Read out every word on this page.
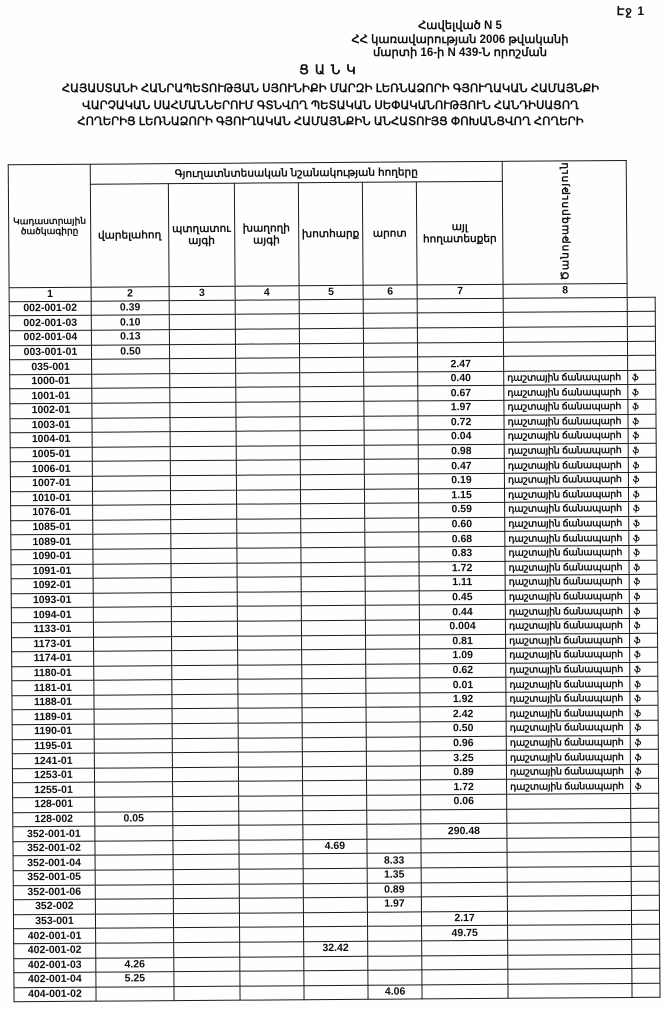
Էջ 1
Հավելված N 5
ՀՀ կառավարության 2006 թվականի
մարտի 16-ի N 439-Ն որոշման
ՑԱՆԿ
ՀԱՅԱՍՏԱՆԻ ՀԱՆՐԱՊԵՏՈՒԹՅԱՆ ՍՅՈՒՆԻՔԻ ՄԱՐԶԻ ԼԵՌՆԱՁՈՐԻ ԳՅՈՒՂԱԿԱՆ ՀԱՄԱՅՆՔԻ
ՎԱՐՉԱԿԱՆ ՍԱՀՄԱՆՆԵՐՈՒՄ ԳՏՆՎՈՂ ՊԵՏԱԿԱՆ ՍԵՓԱԿԱՆՈՒԹՅՈՒՆ ՀԱՆԴԻՍԱՑՈՂ
ՀՈՂԵՐԻՑ ԼԵՌՆԱՁՈՐԻ ԳՅՈՒՂԱԿԱՆ ՀԱՄԱՅՆՔԻՆ ԱՆՀԱՏՈՒՅՑ ՓՈԽԱՆՑՎՈՂ ՀՈՂԵՐԻ
Կադաստրային ծածկագիրը	Գյուղատնտեսական նշանակության հողերը						Ծանոթագրություն	
	վարելահող	պտղատու այգի	խաղողի այգի	խոտհարք	արոտ	այլ հողատեսքեր		
1	2	3	4	5	6	7	8	
002-001-02	0.39							
002-001-03	0.10							
002-001-04	0.13							
003-001-01	0.50							
035-001						2.47		
1000-01						0.40	դաշտային ճանապարհ	ֆ
1001-01						0.67	դաշտային ճանապարհ	ֆ
1002-01						1.97	դաշտային ճանապարհ	ֆ
1003-01						0.72	դաշտային ճանապարհ	ֆ
1004-01						0.04	դաշտային ճանապարհ	ֆ
1005-01						0.98	դաշտային ճանապարհ	ֆ
1006-01						0.47	դաշտային ճանապարհ	ֆ
1007-01						0.19	դաշտային ճանապարհ	ֆ
1010-01						1.15	դաշտային ճանապարհ	ֆ
1076-01						0.59	դաշտային ճանապարհ	ֆ
1085-01						0.60	դաշտային ճանապարհ	ֆ
1089-01						0.68	դաշտային ճանապարհ	ֆ
1090-01						0.83	դաշտային ճանապարհ	ֆ
1091-01						1.72	դաշտային ճանապարհ	ֆ
1092-01						1.11	դաշտային ճանապարհ	ֆ
1093-01						0.45	դաշտային ճանապարհ	ֆ
1094-01						0.44	դաշտային ճանապարհ	ֆ
1133-01						0.004	դաշտային ճանապարհ	ֆ
1173-01						0.81	դաշտային ճանապարհ	ֆ
1174-01						1.09	դաշտային ճանապարհ	ֆ
1180-01						0.62	դաշտային ճանապարհ	ֆ
1181-01						0.01	դաշտային ճանապարհ	ֆ
1188-01						1.92	դաշտային ճանապարհ	ֆ
1189-01						2.42	դաշտային ճանապարհ	ֆ
1190-01						0.50	դաշտային ճանապարհ	ֆ
1195-01						0.96	դաշտային ճանապարհ	ֆ
1241-01						3.25	դաշտային ճանապարհ	ֆ
1253-01						0.89	դաշտային ճանապարհ	ֆ
1255-01						1.72	դաշտային ճանապարհ	ֆ
128-001						0.06		
128-002	0.05							
352-001-01						290.48		
352-001-02				4.69				
352-001-04					8.33			
352-001-05					1.35			
352-001-06					0.89			
352-002					1.97			
353-001						2.17		
402-001-01						49.75		
402-001-02				32.42				
402-001-03	4.26							
402-001-04	5.25							
404-001-02					4.06			
